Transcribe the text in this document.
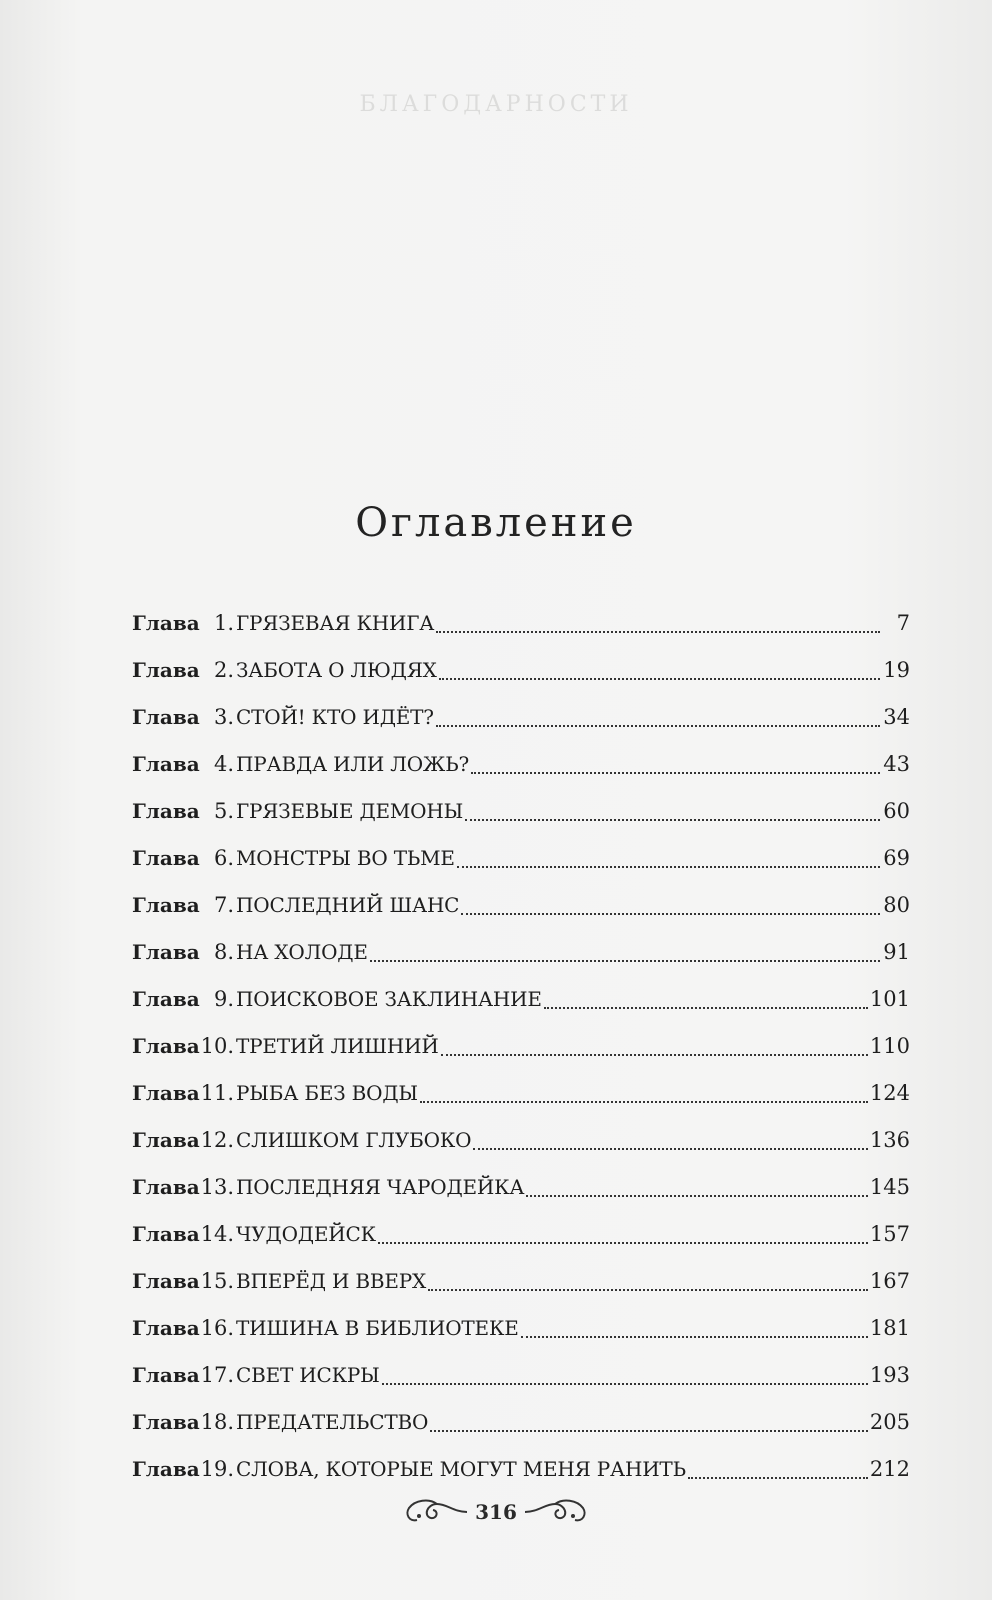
БЛАГОДАРНОСТИ
Оглавление
Глава 1. ГРЯЗЕВАЯ КНИГА	7
Глава 2. ЗАБОТА О ЛЮДЯХ	19
Глава 3. СТОЙ! КТО ИДЁТ?	34
Глава 4. ПРАВДА ИЛИ ЛОЖЬ?	43
Глава 5. ГРЯЗЕВЫЕ ДЕМОНЫ	60
Глава 6. МОНСТРЫ ВО ТЬМЕ	69
Глава 7. ПОСЛЕДНИЙ ШАНС	80
Глава 8. НА ХОЛОДЕ	91
Глава 9. ПОИСКОВОЕ ЗАКЛИНАНИЕ	101
Глава 10. ТРЕТИЙ ЛИШНИЙ	110
Глава 11. РЫБА БЕЗ ВОДЫ	124
Глава 12. СЛИШКОМ ГЛУБОКО	136
Глава 13. ПОСЛЕДНЯЯ ЧАРОДЕЙКА	145
Глава 14. ЧУДОДЕЙСК	157
Глава 15. ВПЕРЁД И ВВЕРХ	167
Глава 16. ТИШИНА В БИБЛИОТЕКЕ	181
Глава 17. СВЕТ ИСКРЫ	193
Глава 18. ПРЕДАТЕЛЬСТВО	205
Глава 19. СЛОВА, КОТОРЫЕ МОГУТ МЕНЯ РАНИТЬ	212
316
